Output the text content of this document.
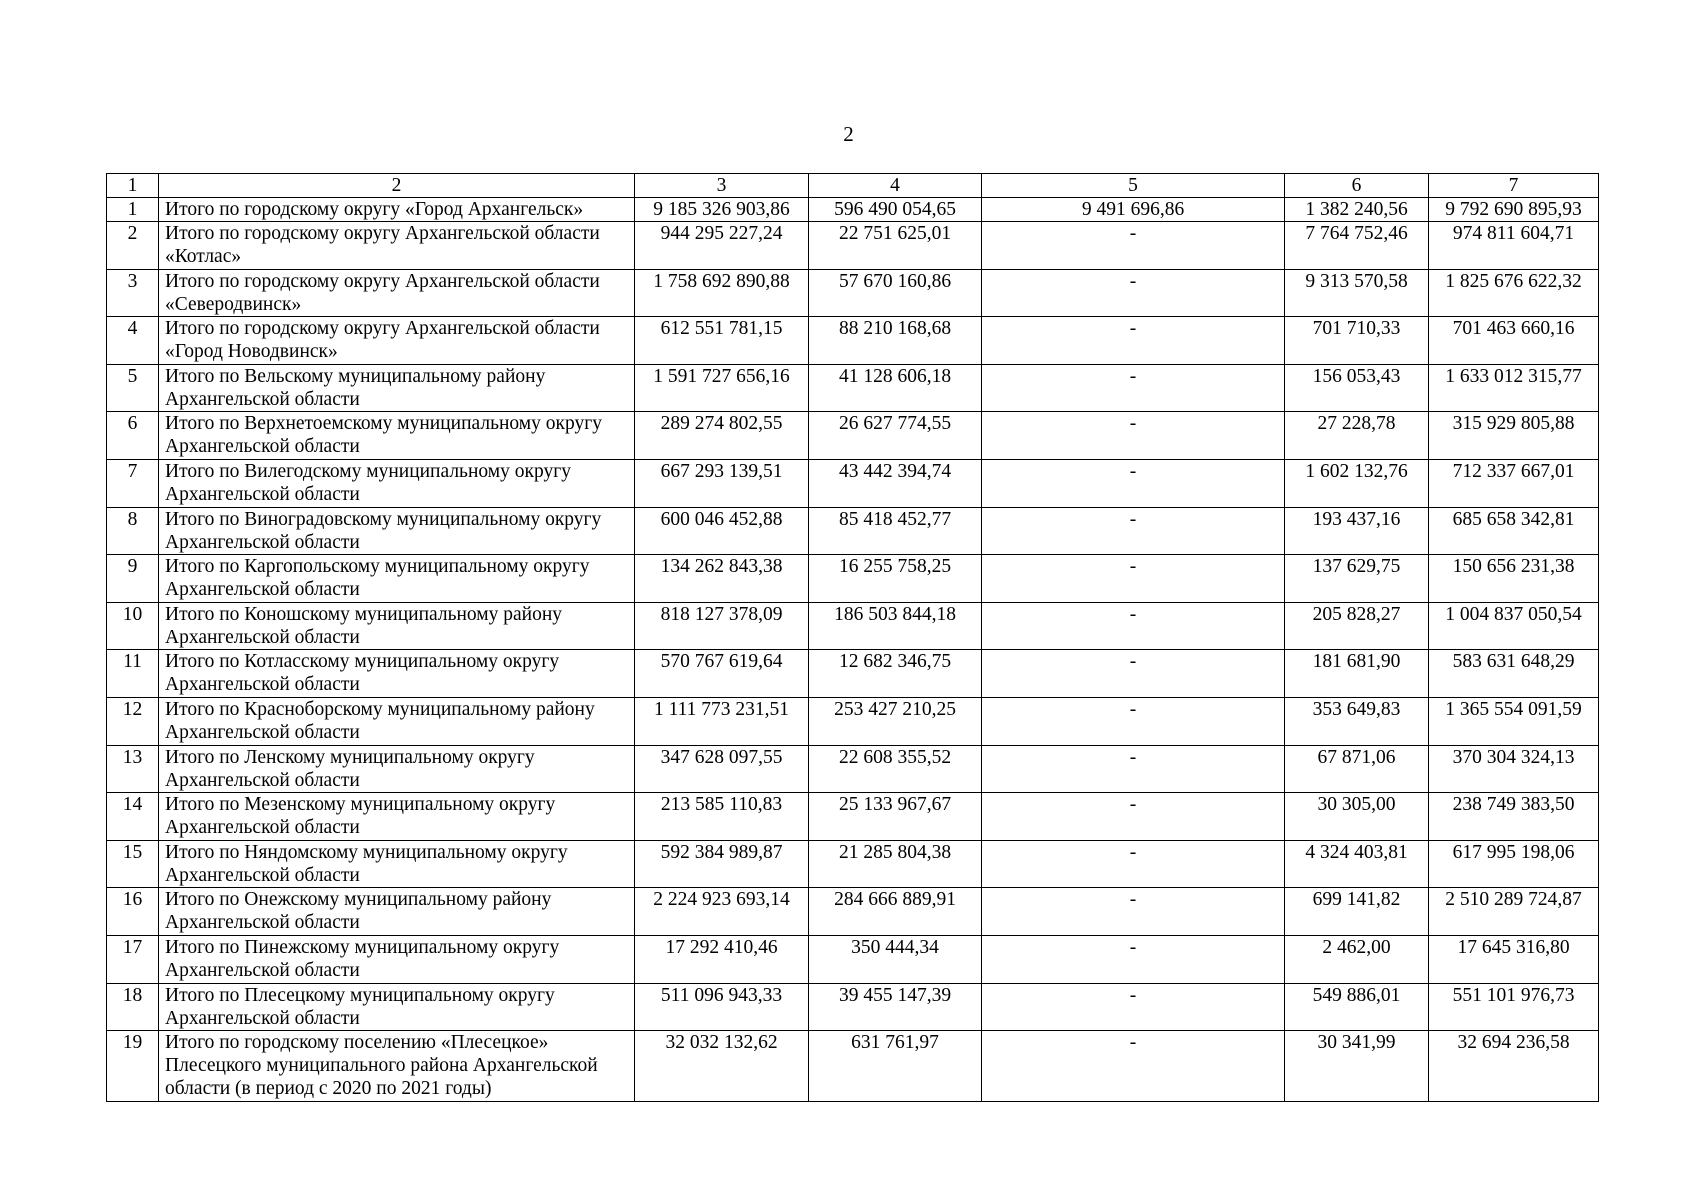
2
1	2	3	4	5	6	7
1	Итого по городскому округу «Город Архангельск»	9 185 326 903,86	596 490 054,65	9 491 696,86	1 382 240,56	9 792 690 895,93
2	Итого по городскому округу Архангельской области «Котлас»	944 295 227,24	22 751 625,01	-	7 764 752,46	974 811 604,71
3	Итого по городскому округу Архангельской области «Северодвинск»	1 758 692 890,88	57 670 160,86	-	9 313 570,58	1 825 676 622,32
4	Итого по городскому округу Архангельской области «Город Новодвинск»	612 551 781,15	88 210 168,68	-	701 710,33	701 463 660,16
5	Итого по Вельскому муниципальному району Архангельской области	1 591 727 656,16	41 128 606,18	-	156 053,43	1 633 012 315,77
6	Итого по Верхнетоемскому муниципальному округу Архангельской области	289 274 802,55	26 627 774,55	-	27 228,78	315 929 805,88
7	Итого по Вилегодскому муниципальному округу Архангельской области	667 293 139,51	43 442 394,74	-	1 602 132,76	712 337 667,01
8	Итого по Виноградовскому муниципальному округу Архангельской области	600 046 452,88	85 418 452,77	-	193 437,16	685 658 342,81
9	Итого по Каргопольскому муниципальному округу Архангельской области	134 262 843,38	16 255 758,25	-	137 629,75	150 656 231,38
10	Итого по Коношскому муниципальному району Архангельской области	818 127 378,09	186 503 844,18	-	205 828,27	1 004 837 050,54
11	Итого по Котласскому муниципальному округу Архангельской области	570 767 619,64	12 682 346,75	-	181 681,90	583 631 648,29
12	Итого по Красноборскому муниципальному району Архангельской области	1 111 773 231,51	253 427 210,25	-	353 649,83	1 365 554 091,59
13	Итого по Ленскому муниципальному округу Архангельской области	347 628 097,55	22 608 355,52	-	67 871,06	370 304 324,13
14	Итого по Мезенскому муниципальному округу Архангельской области	213 585 110,83	25 133 967,67	-	30 305,00	238 749 383,50
15	Итого по Няндомскому муниципальному округу Архангельской области	592 384 989,87	21 285 804,38	-	4 324 403,81	617 995 198,06
16	Итого по Онежскому муниципальному району Архангельской области	2 224 923 693,14	284 666 889,91	-	699 141,82	2 510 289 724,87
17	Итого по Пинежскому муниципальному округу Архангельской области	17 292 410,46	350 444,34	-	2 462,00	17 645 316,80
18	Итого по Плесецкому муниципальному округу Архангельской области	511 096 943,33	39 455 147,39	-	549 886,01	551 101 976,73
19	Итого по городскому поселению «Плесецкое» Плесецкого муниципального района Архангельской области (в период с 2020 по 2021 годы)	32 032 132,62	631 761,97	-	30 341,99	32 694 236,58
